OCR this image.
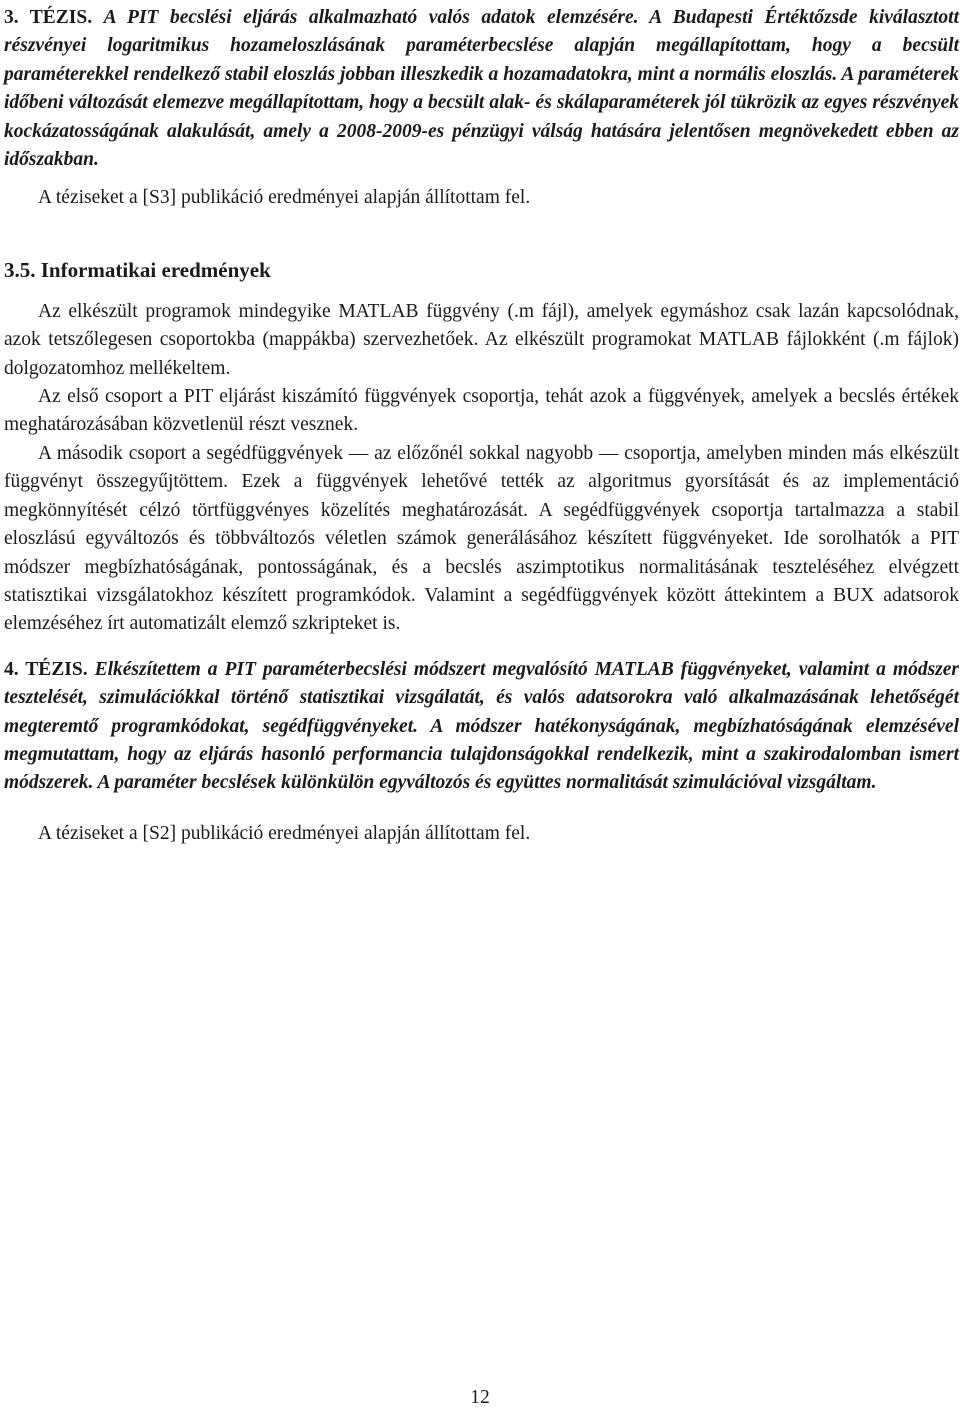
3. TÉZIS. A PIT becslési eljárás alkalmazható valós adatok elemzésére. A Budapesti Értéktőzsde kiválasztott részvényei logaritmikus hozameloszlásának paraméterbecslése alapján megállapítottam, hogy a becsült paraméterekkel rendelkező stabil eloszlás jobban illeszkedik a hozamadatokra, mint a normális eloszlás. A paraméterek időbeni változását elemezve megállapítottam, hogy a becsült alak- és skálaparaméterek jól tükrözik az egyes részvények kockázatosságának alakulását, amely a 2008-2009-es pénzügyi válság hatására jelentősen megnövekedett ebben az időszakban.

A téziseket a [S3] publikáció eredményei alapján állítottam fel.

3.5. Informatikai eredmények

Az elkészült programok mindegyike MATLAB függvény (.m fájl), amelyek egymáshoz csak lazán kapcsolódnak, azok tetszőlegesen csoportokba (mappákba) szervezhetőek. Az elkészült programokat MATLAB fájlokként (.m fájlok) dolgozatomhoz mellékeltem.

Az első csoport a PIT eljárást kiszámító függvények csoportja, tehát azok a függvények, amelyek a becslés értékek meghatározásában közvetlenül részt vesznek.

A második csoport a segédfüggvények — az előzőnél sokkal nagyobb — csoportja, amelyben minden más elkészült függvényt összegyűjtöttem. Ezek a függvények lehetővé tették az algoritmus gyorsítását és az implementáció megkönnyítését célzó törtfüggvényes közelítés meghatározását. A segédfüggvények csoportja tartalmazza a stabil eloszlású egyváltozós és többváltozós véletlen számok generálásához készített függvényeket. Ide sorolhatók a PIT módszer megbízhatóságának, pontosságának, és a becslés aszimptotikus normalitásának teszteléséhez elvégzett statisztikai vizsgálatokhoz készített programkódok. Valamint a segédfüggvények között áttekintem a BUX adatsorok elemzéséhez írt automatizált elemző szkripteket is.

4. TÉZIS. Elkészítettem a PIT paraméterbecslési módszert megvalósító MATLAB függvényeket, valamint a módszer tesztelését, szimulációkkal történő statisztikai vizsgálatát, és valós adatsorokra való alkalmazásának lehetőségét megteremtő programkódokat, segédfüggvényeket. A módszer hatékonyságának, megbízhatóságának elemzésével megmutattam, hogy az eljárás hasonló performancia tulajdonságokkal rendelkezik, mint a szakirodalomban ismert módszerek. A paraméter becslések különkülön egyváltozós és együttes normalitását szimulációval vizsgáltam.

A téziseket a [S2] publikáció eredményei alapján állítottam fel.

12
